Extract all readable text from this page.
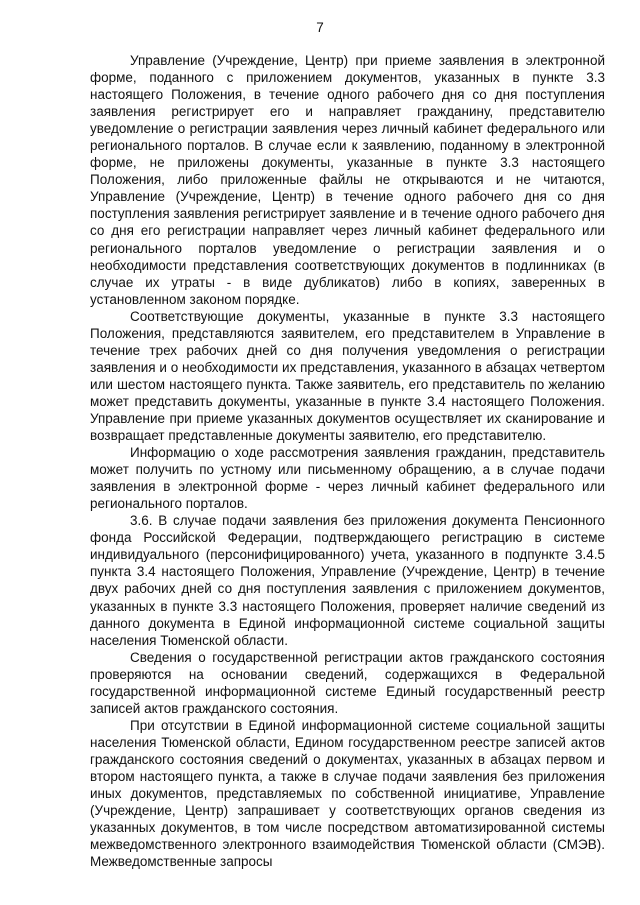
7

Управление (Учреждение, Центр) при приеме заявления в электронной форме, поданного с приложением документов, указанных в пункте 3.3 настоящего Положения, в течение одного рабочего дня со дня поступления заявления регистрирует его и направляет гражданину, представителю уведомление о регистрации заявления через личный кабинет федерального или регионального порталов. В случае если к заявлению, поданному в электронной форме, не приложены документы, указанные в пункте 3.3 настоящего Положения, либо приложенные файлы не открываются и не читаются, Управление (Учреждение, Центр) в течение одного рабочего дня со дня поступления заявления регистрирует заявление и в течение одного рабочего дня со дня его регистрации направляет через личный кабинет федерального или регионального порталов уведомление о регистрации заявления и о необходимости представления соответствующих документов в подлинниках (в случае их утраты - в виде дубликатов) либо в копиях, заверенных в установленном законом порядке.

Соответствующие документы, указанные в пункте 3.3 настоящего Положения, представляются заявителем, его представителем в Управление в течение трех рабочих дней со дня получения уведомления о регистрации заявления и о необходимости их представления, указанного в абзацах четвертом или шестом настоящего пункта. Также заявитель, его представитель по желанию может представить документы, указанные в пункте 3.4 настоящего Положения. Управление при приеме указанных документов осуществляет их сканирование и возвращает представленные документы заявителю, его представителю.

Информацию о ходе рассмотрения заявления гражданин, представитель может получить по устному или письменному обращению, а в случае подачи заявления в электронной форме - через личный кабинет федерального или регионального порталов.

3.6. В случае подачи заявления без приложения документа Пенсионного фонда Российской Федерации, подтверждающего регистрацию в системе индивидуального (персонифицированного) учета, указанного в подпункте 3.4.5 пункта 3.4 настоящего Положения, Управление (Учреждение, Центр) в течение двух рабочих дней со дня поступления заявления с приложением документов, указанных в пункте 3.3 настоящего Положения, проверяет наличие сведений из данного документа в Единой информационной системе социальной защиты населения Тюменской области.

Сведения о государственной регистрации актов гражданского состояния проверяются на основании сведений, содержащихся в Федеральной государственной информационной системе Единый государственный реестр записей актов гражданского состояния.

При отсутствии в Единой информационной системе социальной защиты населения Тюменской области, Едином государственном реестре записей актов гражданского состояния сведений о документах, указанных в абзацах первом и втором настоящего пункта, а также в случае подачи заявления без приложения иных документов, представляемых по собственной инициативе, Управление (Учреждение, Центр) запрашивает у соответствующих органов сведения из указанных документов, в том числе посредством автоматизированной системы межведомственного электронного взаимодействия Тюменской области (СМЭВ). Межведомственные запросы
